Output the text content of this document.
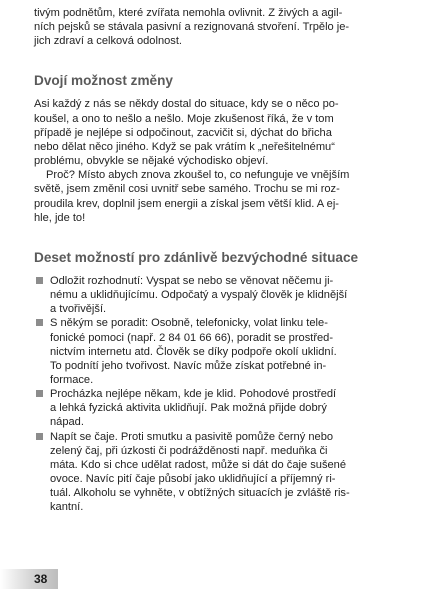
tivým podnětům, které zvířata nemohla ovlivnit. Z živých a agil-
ních pejsků se stávala pasivní a rezignovaná stvoření. Trpělo je-
jich zdraví a celková odolnost.

Dvojí možnost změny

Asi každý z nás se někdy dostal do situace, kdy se o něco po-
koušel, a ono to nešlo a nešlo. Moje zkušenost říká, že v tom
případě je nejlépe si odpočinout, zacvičit si, dýchat do břicha
nebo dělat něco jiného. Když se pak vrátím k „neřešitelnému“
problému, obvykle se nějaké východisko objeví.

Proč? Místo abych znova zkoušel to, co nefunguje ve vnějším
světě, jsem změnil cosi uvnitř sebe samého. Trochu se mi roz-
proudila krev, doplnil jsem energii a získal jsem větší klid. A ej-
hle, jde to!

Deset možností pro zdánlivě bezvýchodné situace
Odložit rozhodnutí: Vyspat se nebo se věnovat něčemu ji-
nému a uklidňujícímu. Odpočatý a vyspalý člověk je klidnější
a tvořivější.
S někým se poradit: Osobně, telefonicky, volat linku tele-
fonické pomoci (např. 2 84 01 66 66), poradit se prostřed-
nictvím internetu atd. Člověk se díky podpoře okolí uklidní.
To podnítí jeho tvořivost. Navíc může získat potřebné in-
formace.
Procházka nejlépe někam, kde je klid. Pohodové prostředí
a lehká fyzická aktivita uklidňují. Pak možná přijde dobrý
nápad.
Napít se čaje. Proti smutku a pasivitě pomůže černý nebo
zelený čaj, při úzkosti či podrážděnosti např. meduňka či
máta. Kdo si chce udělat radost, může si dát do čaje sušené
ovoce. Navíc pití čaje působí jako uklidňující a příjemný ri-
tuál. Alkoholu se vyhněte, v obtížných situacích je zvláště ris-
kantní.
38
